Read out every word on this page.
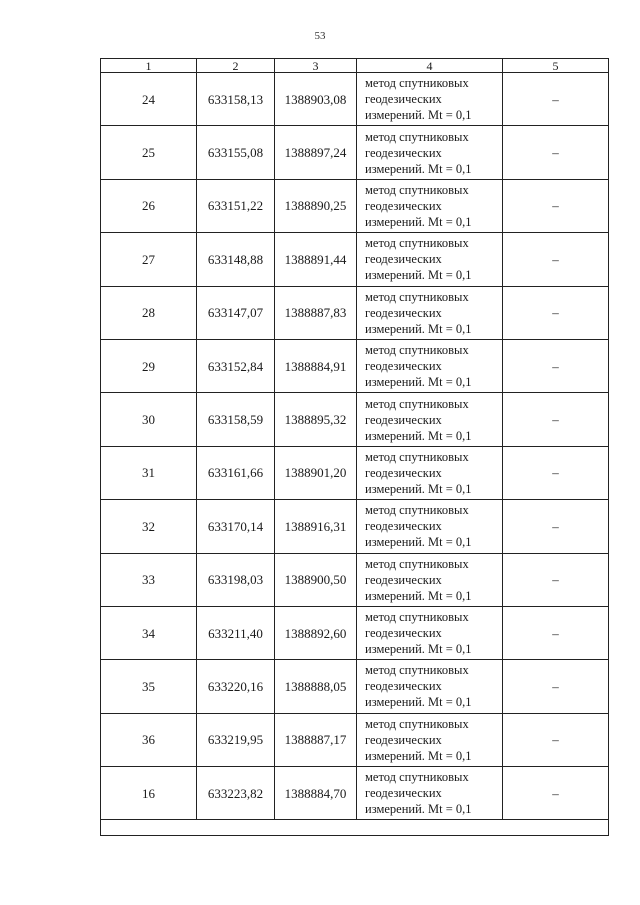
53
1	2	3	4	5
24	633158,13	1388903,08	метод спутниковых
геодезических
измерений. Mt = 0,1	–
25	633155,08	1388897,24	метод спутниковых
геодезических
измерений. Mt = 0,1	–
26	633151,22	1388890,25	метод спутниковых
геодезических
измерений. Mt = 0,1	–
27	633148,88	1388891,44	метод спутниковых
геодезических
измерений. Mt = 0,1	–
28	633147,07	1388887,83	метод спутниковых
геодезических
измерений. Mt = 0,1	–
29	633152,84	1388884,91	метод спутниковых
геодезических
измерений. Mt = 0,1	–
30	633158,59	1388895,32	метод спутниковых
геодезических
измерений. Mt = 0,1	–
31	633161,66	1388901,20	метод спутниковых
геодезических
измерений. Mt = 0,1	–
32	633170,14	1388916,31	метод спутниковых
геодезических
измерений. Mt = 0,1	–
33	633198,03	1388900,50	метод спутниковых
геодезических
измерений. Mt = 0,1	–
34	633211,40	1388892,60	метод спутниковых
геодезических
измерений. Mt = 0,1	–
35	633220,16	1388888,05	метод спутниковых
геодезических
измерений. Mt = 0,1	–
36	633219,95	1388887,17	метод спутниковых
геодезических
измерений. Mt = 0,1	–
16	633223,82	1388884,70	метод спутниковых
геодезических
измерений. Mt = 0,1	–
